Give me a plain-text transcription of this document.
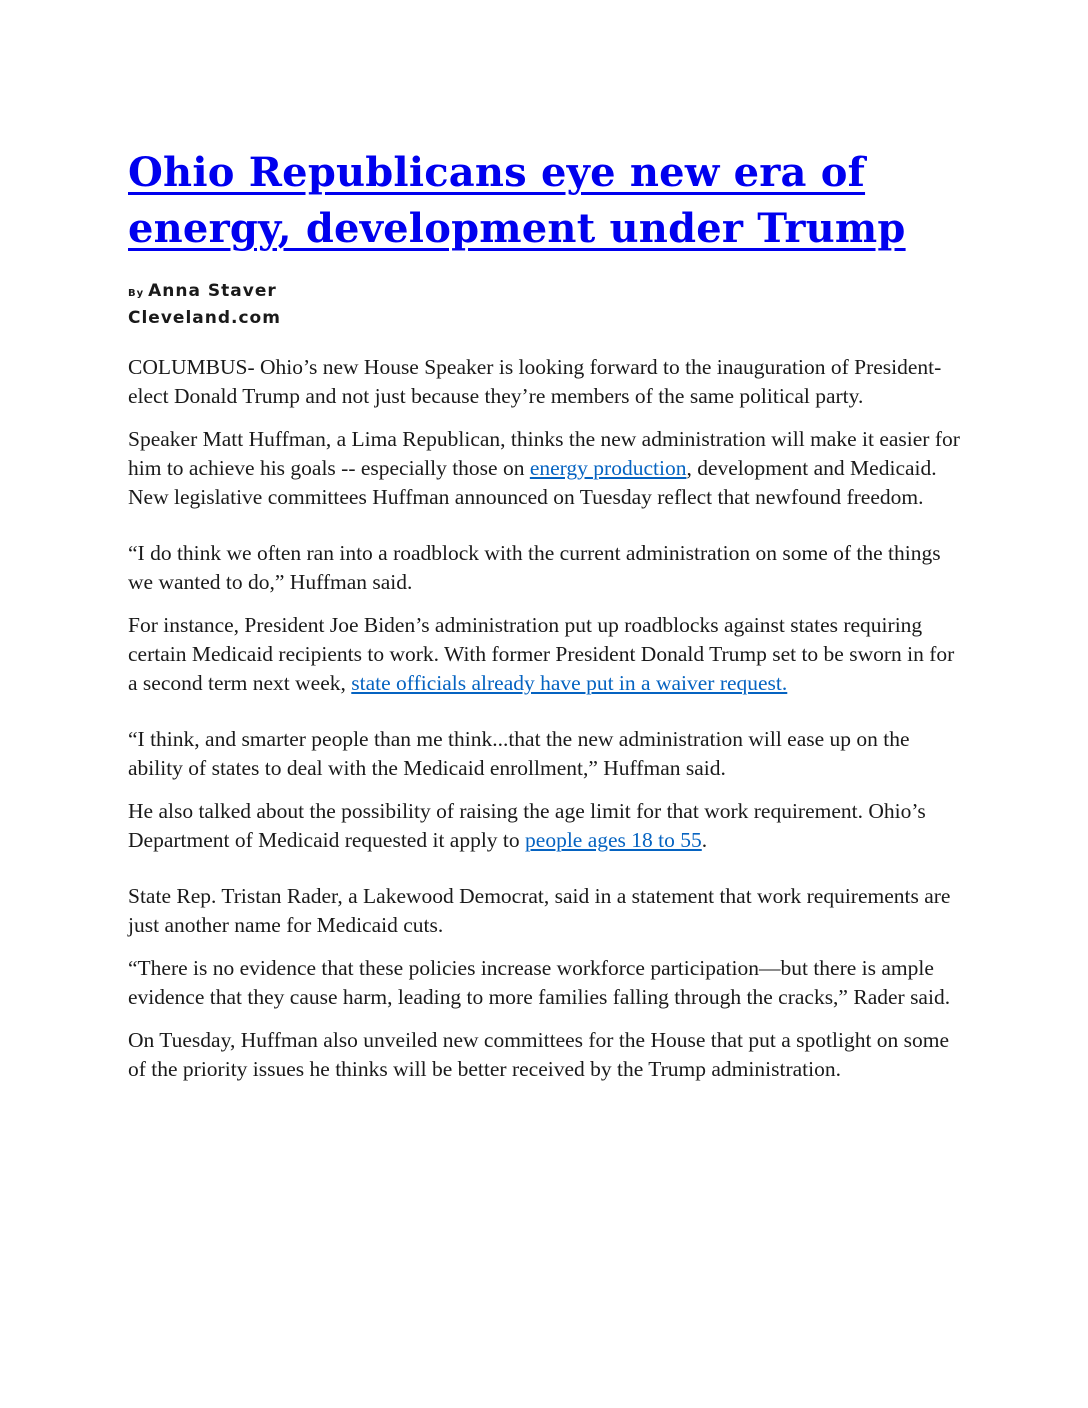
Ohio Republicans eye new era of energy, development under Trump
By Anna Staver
Cleveland.com

COLUMBUS- Ohio’s new House Speaker is looking forward to the inauguration of President-elect Donald Trump and not just because they’re members of the same political party.

Speaker Matt Huffman, a Lima Republican, thinks the new administration will make it easier for him to achieve his goals -- especially those on energy production, development and Medicaid. New legislative committees Huffman announced on Tuesday reflect that newfound freedom.

“I do think we often ran into a roadblock with the current administration on some of the things we wanted to do,” Huffman said.

For instance, President Joe Biden’s administration put up roadblocks against states requiring certain Medicaid recipients to work. With former President Donald Trump set to be sworn in for a second term next week, state officials already have put in a waiver request.

“I think, and smarter people than me think...that the new administration will ease up on the ability of states to deal with the Medicaid enrollment,” Huffman said.

He also talked about the possibility of raising the age limit for that work requirement. Ohio’s Department of Medicaid requested it apply to people ages 18 to 55.

State Rep. Tristan Rader, a Lakewood Democrat, said in a statement that work requirements are just another name for Medicaid cuts.

“There is no evidence that these policies increase workforce participation—but there is ample evidence that they cause harm, leading to more families falling through the cracks,” Rader said.

On Tuesday, Huffman also unveiled new committees for the House that put a spotlight on some of the priority issues he thinks will be better received by the Trump administration.
